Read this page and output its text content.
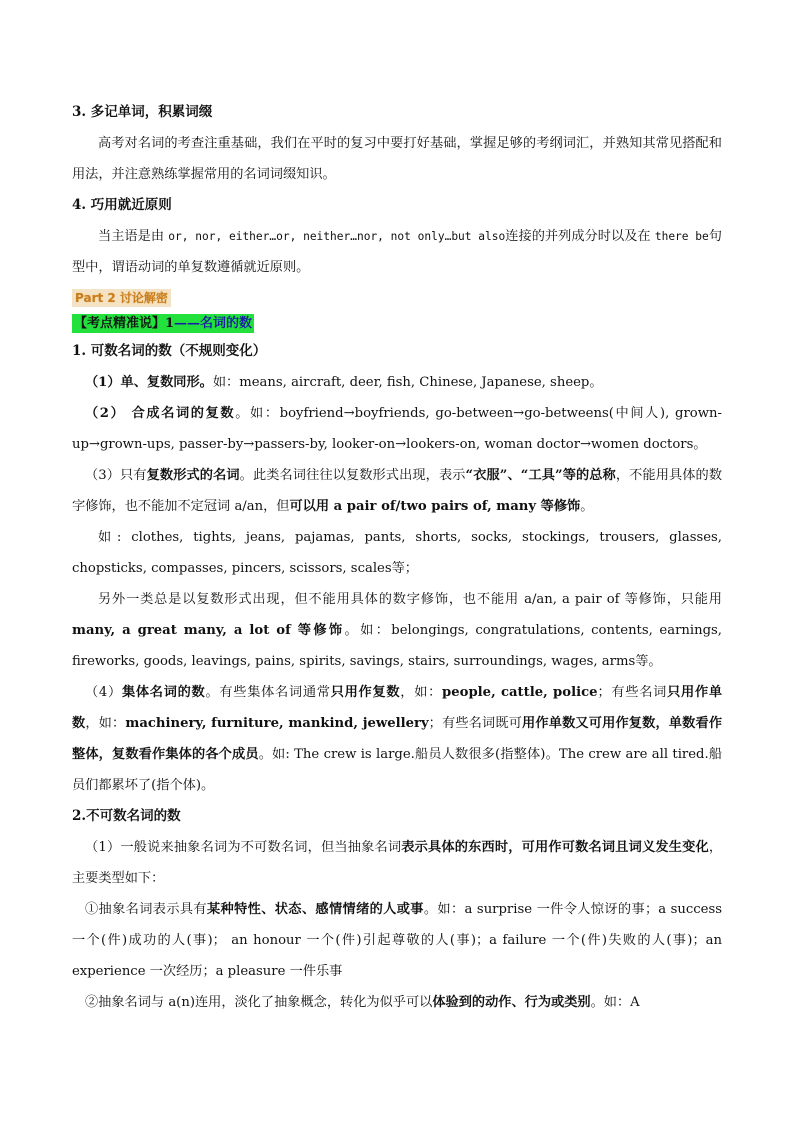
3. 多记单词，积累词缀

高考对名词的考查注重基础，我们在平时的复习中要打好基础，掌握足够的考纲词汇，并熟知其常见搭配和用法，并注意熟练掌握常用的名词词缀知识。

4. 巧用就近原则

当主语是由 or, nor, either…or, neither…nor, not only…but also连接的并列成分时以及在 there be句型中，谓语动词的单复数遵循就近原则。

Part 2 讨论解密
【考点精准说】1——名词的数

1. 可数名词的数（不规则变化）

（1）单、复数同形。如：means, aircraft, deer, fish, Chinese, Japanese, sheep。

（2） 合成名词的复数。如：boyfriend→boyfriends, go-between→go-betweens(中间人), grown-up→grown-ups, passer-by→passers-by, looker-on→lookers-on, woman doctor→women doctors。

（3）只有复数形式的名词。此类名词往往以复数形式出现，表示“衣服”、“工具”等的总称，不能用具体的数字修饰，也不能加不定冠词 a/an，但可以用 a pair of/two pairs of, many 等修饰。

如: clothes, tights, jeans, pajamas, pants, shorts, socks, stockings, trousers, glasses, chopsticks, compasses, pincers, scissors, scales等；

另外一类总是以复数形式出现，但不能用具体的数字修饰，也不能用 a/an, a pair of 等修饰，只能用 many, a great many, a lot of 等修饰。如：belongings, congratulations, contents, earnings, fireworks, goods, leavings, pains, spirits, savings, stairs, surroundings, wages, arms等。

（4）集体名词的数。有些集体名词通常只用作复数，如：people, cattle, police；有些名词只用作单数，如：machinery, furniture, mankind, jewellery；有些名词既可用作单数又可用作复数，单数看作整体，复数看作集体的各个成员。如: The crew is large.船员人数很多(指整体)。The crew are all tired.船员们都累坏了(指个体)。

2.不可数名词的数

（1）一般说来抽象名词为不可数名词，但当抽象名词表示具体的东西时，可用作可数名词且词义发生变化，主要类型如下：

①抽象名词表示具有某种特性、状态、感情情绪的人或事。如：a surprise 一件令人惊讶的事；a success 一个(件)成功的人(事)； an honour 一个(件)引起尊敬的人(事)；a failure 一个(件)失败的人(事)；an experience 一次经历；a pleasure 一件乐事

②抽象名词与 a(n)连用，淡化了抽象概念，转化为似乎可以体验到的动作、行为或类别。如：A
